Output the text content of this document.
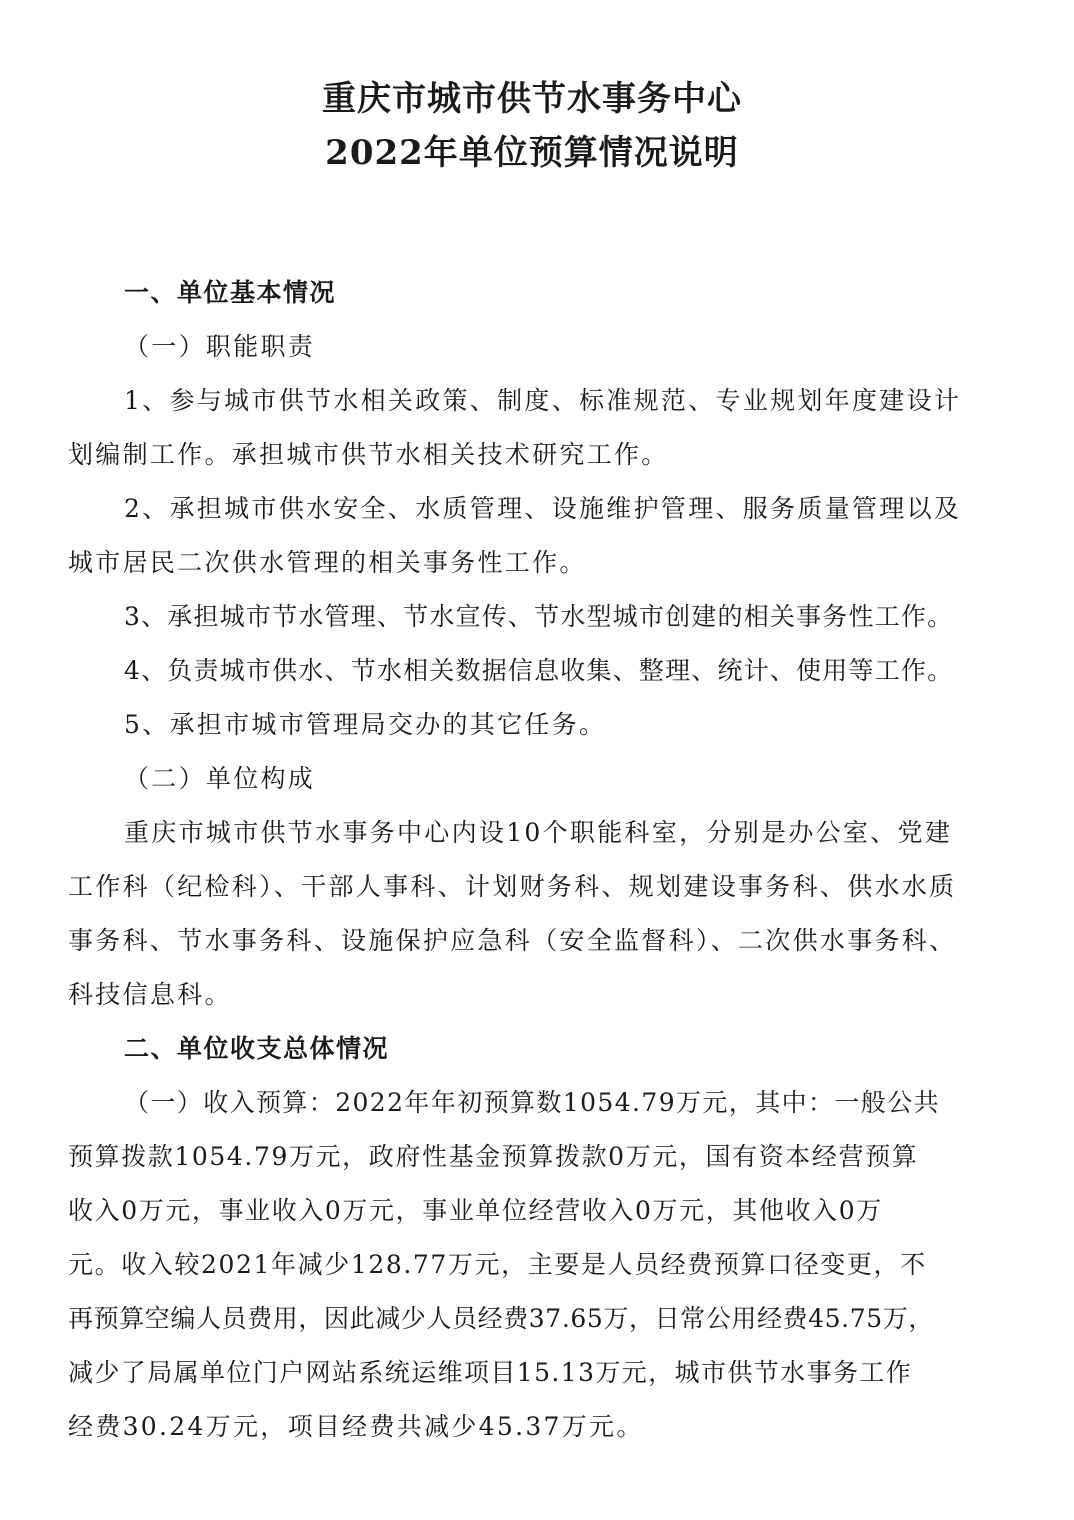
重庆市城市供节水事务中心
2022年单位预算情况说明

一、单位基本情况

（一）职能职责

1、参与城市供节水相关政策、制度、标准规范、专业规划年度建设计

划编制工作。承担城市供节水相关技术研究工作。

2、承担城市供水安全、水质管理、设施维护管理、服务质量管理以及

城市居民二次供水管理的相关事务性工作。

3、承担城市节水管理、节水宣传、节水型城市创建的相关事务性工作。

4、负责城市供水、节水相关数据信息收集、整理、统计、使用等工作。

5、承担市城市管理局交办的其它任务。

（二）单位构成

重庆市城市供节水事务中心内设10个职能科室，分别是办公室、党建

工作科（纪检科）、干部人事科、计划财务科、规划建设事务科、供水水质

事务科、节水事务科、设施保护应急科（安全监督科）、二次供水事务科、

科技信息科。

二、单位收支总体情况

（一）收入预算：2022年年初预算数1054.79万元，其中：一般公共

预算拨款1054.79万元，政府性基金预算拨款0万元，国有资本经营预算

收入0万元，事业收入0万元，事业单位经营收入0万元，其他收入0万

元。收入较2021年减少128.77万元，主要是人员经费预算口径变更，不

再预算空编人员费用，因此减少人员经费37.65万，日常公用经费45.75万，

减少了局属单位门户网站系统运维项目15.13万元，城市供节水事务工作

经费30.24万元，项目经费共减少45.37万元。
